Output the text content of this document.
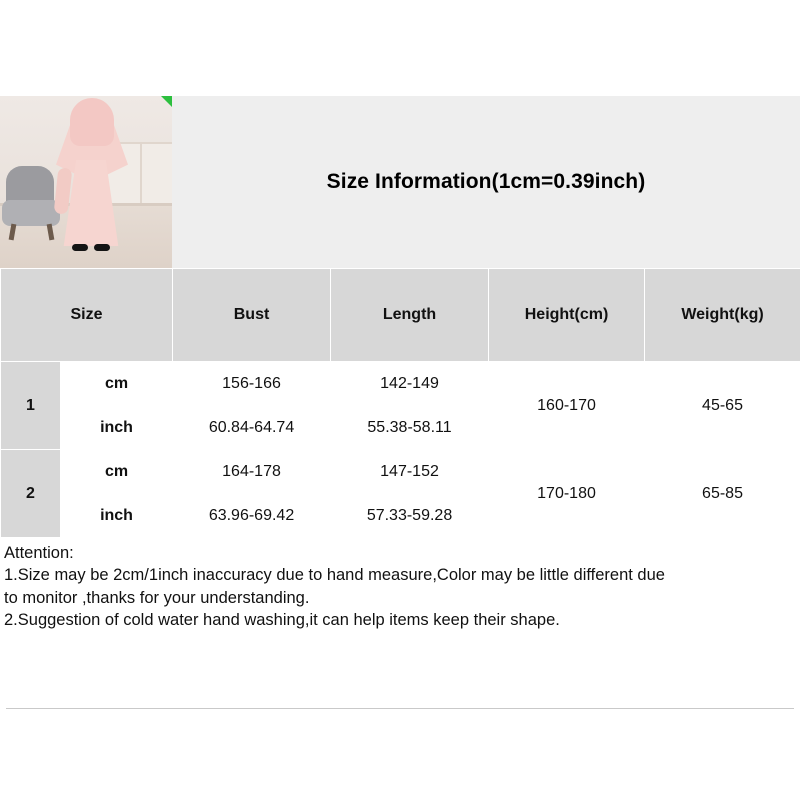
Size Information(1cm=0.39inch)
Size		Bust	Length	Height(cm)	Weight(kg)
1	cm	156-166	142-149	160-170	45-65
	inch	60.84-64.74	55.38-58.11		
2	cm	164-178	147-152	170-180	65-85
	inch	63.96-69.42	57.33-59.28		

Attention:

1.Size may be 2cm/1inch inaccuracy due to hand measure,Color may be little different due

to monitor ,thanks for your understanding.

2.Suggestion of cold water hand washing,it can help items keep their shape.
